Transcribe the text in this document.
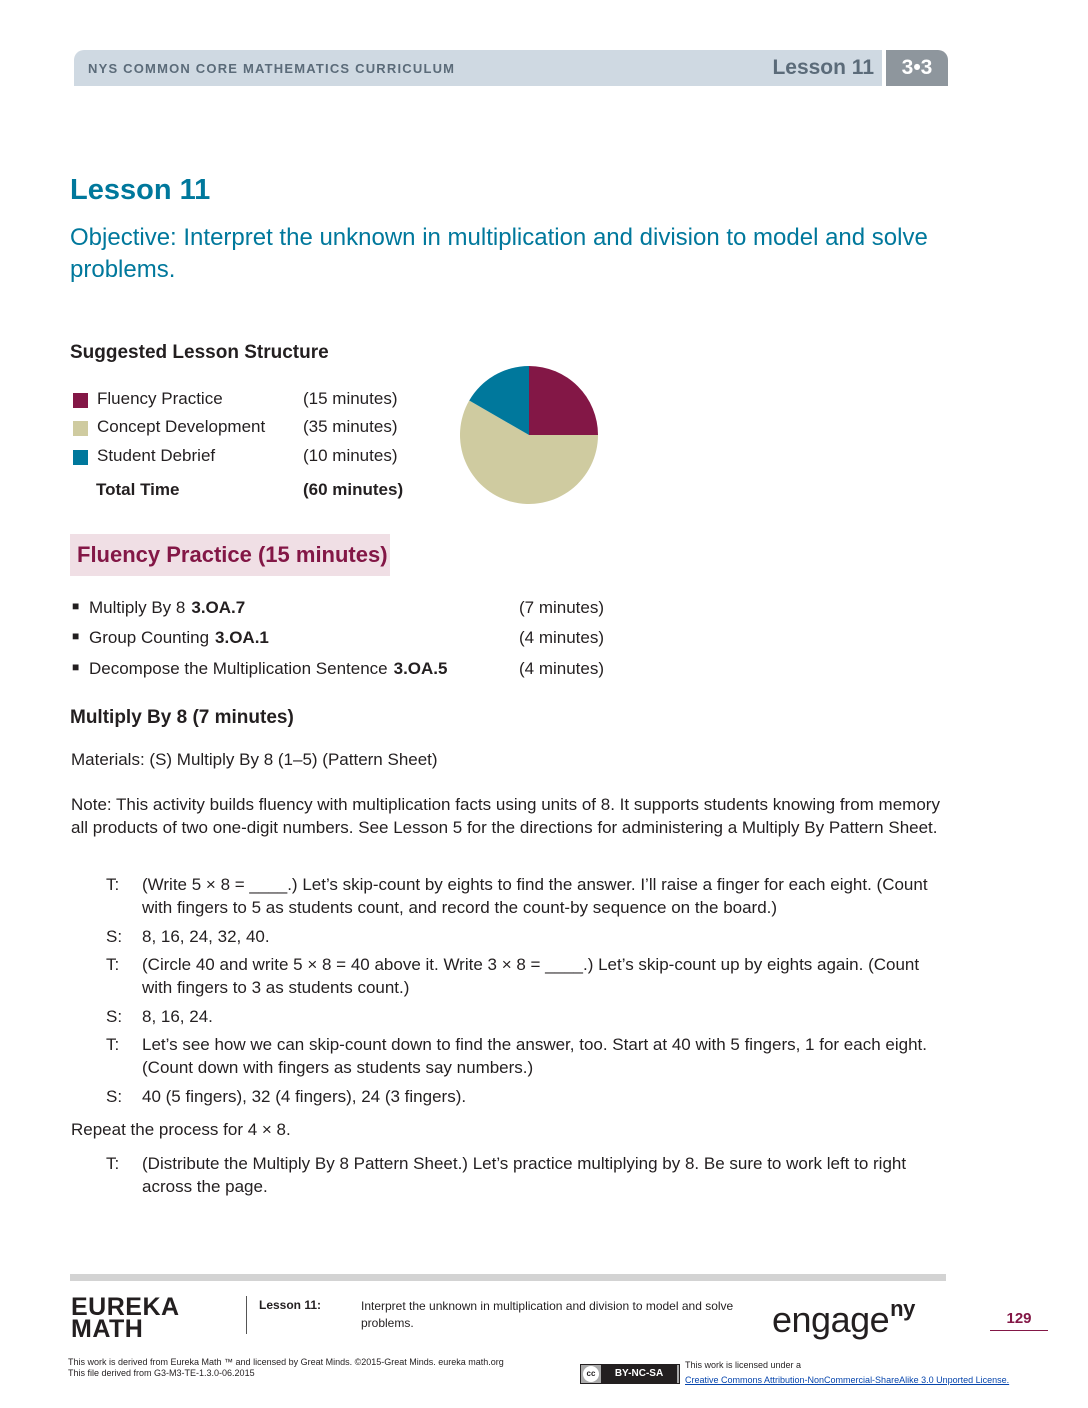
NYS COMMON CORE MATHEMATICS CURRICULUM	Lesson 11	3•3
Lesson 11
Objective: Interpret the unknown in multiplication and division to model and solve problems.
Suggested Lesson Structure
Fluency Practice	(15 minutes)
Concept Development (35 minutes)
Student Debrief	(10 minutes)
Total Time	(60 minutes)
Fluency Practice (15 minutes)
■ Multiply By 8 3.OA.7	(7 minutes)
■ Group Counting 3.OA.1	(4 minutes)
■ Decompose the Multiplication Sentence 3.OA.5	(4 minutes)
Multiply By 8 (7 minutes)
Materials: (S) Multiply By 8 (1–5) (Pattern Sheet)
Note: This activity builds fluency with multiplication facts using units of 8. It supports students knowing from memory all products of two one-digit numbers. See Lesson 5 for the directions for administering a Multiply By Pattern Sheet.
T: (Write 5 × 8 = ____.) Let’s skip-count by eights to find the answer. I’ll raise a finger for each eight. (Count with fingers to 5 as students count, and record the count-by sequence on the board.)
S: 8, 16, 24, 32, 40.
T: (Circle 40 and write 5 × 8 = 40 above it. Write 3 × 8 = ____.) Let’s skip-count up by eights again. (Count with fingers to 3 as students count.)
S: 8, 16, 24.
T: Let’s see how we can skip-count down to find the answer, too. Start at 40 with 5 fingers, 1 for each eight. (Count down with fingers as students say numbers.)
S: 40 (5 fingers), 32 (4 fingers), 24 (3 fingers).
Repeat the process for 4 × 8.
T: (Distribute the Multiply By 8 Pattern Sheet.) Let’s practice multiplying by 8. Be sure to work left to right across the page.
EUREKA
MATH
Lesson 11:	Interpret the unknown in multiplication and division to model and solve problems.	engage$^{ny}$	129
This work is derived from Eureka Math ™ and licensed by Great Minds. ©2015-Great Minds. eureka math.org
This file derived from G3-M3-TE-1.3.0-06.2015	cc	BY-NC-SA
This work is licensed under a
Creative Commons Attribution-NonCommercial-ShareAlike 3.0 Unported License.
